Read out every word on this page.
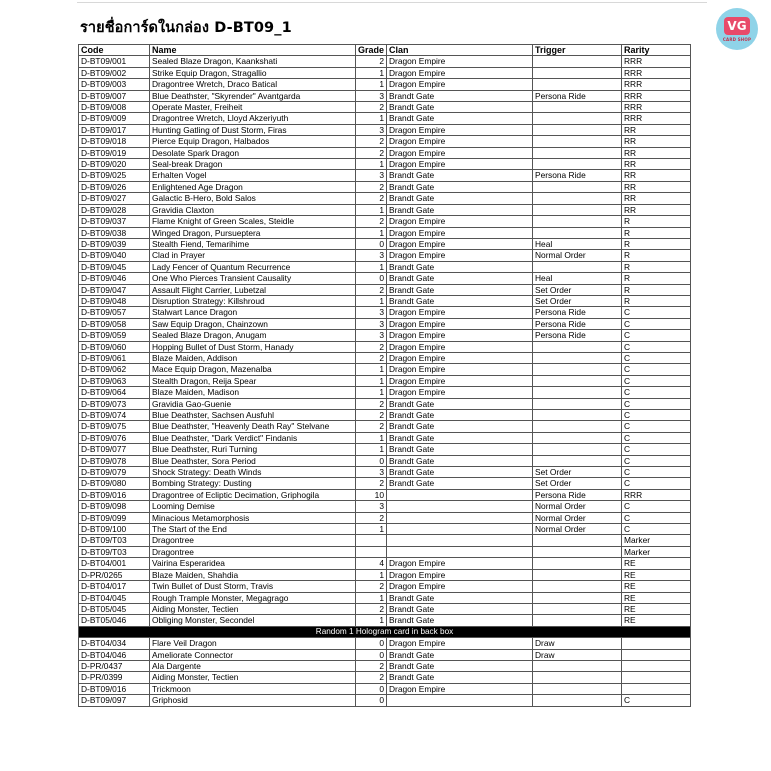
รายชื่อการ์ดในกล่อง D-BT09_1	VG
CARD SHOP
Code	Name	Grade	Clan	Trigger	Rarity
D-BT09/001	Sealed Blaze Dragon, Kaankshati	2	Dragon Empire		RRR
D-BT09/002	Strike Equip Dragon, Stragallio	1	Dragon Empire		RRR
D-BT09/003	Dragontree Wretch, Draco Batical	1	Dragon Empire		RRR
D-BT09/007	Blue Deathster, "Skyrender" Avantgarda	3	Brandt Gate	Persona Ride	RRR
D-BT09/008	Operate Master, Freiheit	2	Brandt Gate		RRR
D-BT09/009	Dragontree Wretch, Lloyd Akzeriyuth	1	Brandt Gate		RRR
D-BT09/017	Hunting Gatling of Dust Storm, Firas	3	Dragon Empire		RR
D-BT09/018	Pierce Equip Dragon, Halbados	2	Dragon Empire		RR
D-BT09/019	Desolate Spark Dragon	2	Dragon Empire		RR
D-BT09/020	Seal-break Dragon	1	Dragon Empire		RR
D-BT09/025	Erhalten Vogel	3	Brandt Gate	Persona Ride	RR
D-BT09/026	Enlightened Age Dragon	2	Brandt Gate		RR
D-BT09/027	Galactic B-Hero, Bold Salos	2	Brandt Gate		RR
D-BT09/028	Gravidia Claxton	1	Brandt Gate		RR
D-BT09/037	Flame Knight of Green Scales, Steidle	2	Dragon Empire		R
D-BT09/038	Winged Dragon, Pursueptera	1	Dragon Empire		R
D-BT09/039	Stealth Fiend, Temarihime	0	Dragon Empire	Heal	R
D-BT09/040	Clad in Prayer	3	Dragon Empire	Normal Order	R
D-BT09/045	Lady Fencer of Quantum Recurrence	1	Brandt Gate		R
D-BT09/046	One Who Pierces Transient Causality	0	Brandt Gate	Heal	R
D-BT09/047	Assault Flight Carrier, Lubetzal	2	Brandt Gate	Set Order	R
D-BT09/048	Disruption Strategy: Killshroud	1	Brandt Gate	Set Order	R
D-BT09/057	Stalwart Lance Dragon	3	Dragon Empire	Persona Ride	C
D-BT09/058	Saw Equip Dragon, Chainzown	3	Dragon Empire	Persona Ride	C
D-BT09/059	Sealed Blaze Dragon, Anugam	3	Dragon Empire	Persona Ride	C
D-BT09/060	Hopping Bullet of Dust Storm, Hanady	2	Dragon Empire		C
D-BT09/061	Blaze Maiden, Addison	2	Dragon Empire		C
D-BT09/062	Mace Equip Dragon, Mazenalba	1	Dragon Empire		C
D-BT09/063	Stealth Dragon, Reija Spear	1	Dragon Empire		C
D-BT09/064	Blaze Maiden, Madison	1	Dragon Empire		C
D-BT09/073	Gravidia Gao-Guenie	2	Brandt Gate		C
D-BT09/074	Blue Deathster, Sachsen Ausfuhl	2	Brandt Gate		C
D-BT09/075	Blue Deathster, "Heavenly Death Ray" Stelvane	2	Brandt Gate		C
D-BT09/076	Blue Deathster, "Dark Verdict" Findanis	1	Brandt Gate		C
D-BT09/077	Blue Deathster, Ruri Turning	1	Brandt Gate		C
D-BT09/078	Blue Deathster, Sora Period	0	Brandt Gate		C
D-BT09/079	Shock Strategy: Death Winds	3	Brandt Gate	Set Order	C
D-BT09/080	Bombing Strategy: Dusting	2	Brandt Gate	Set Order	C
D-BT09/016	Dragontree of Ecliptic Decimation, Griphogila	10		Persona Ride	RRR
D-BT09/098	Looming Demise	3		Normal Order	C
D-BT09/099	Minacious Metamorphosis	2		Normal Order	C
D-BT09/100	The Start of the End	1		Normal Order	C
D-BT09/T03	Dragontree				Marker
D-BT09/T03	Dragontree				Marker
D-BT04/001	Vairina Esperaridea	4	Dragon Empire		RE
D-PR/0265	Blaze Maiden, Shahdia	1	Dragon Empire		RE
D-BT04/017	Twin Bullet of Dust Storm, Travis	2	Dragon Empire		RE
D-BT04/045	Rough Trample Monster, Megagrago	1	Brandt Gate		RE
D-BT05/045	Aiding Monster, Tectien	2	Brandt Gate		RE
D-BT05/046	Obliging Monster, Secondel	1	Brandt Gate		RE
Random 1 Hologram card in back box					
D-BT04/034	Flare Veil Dragon	0	Dragon Empire	Draw	
D-BT04/046	Ameliorate Connector	0	Brandt Gate	Draw	
D-PR/0437	Ala Dargente	2	Brandt Gate		
D-PR/0399	Aiding Monster, Tectien	2	Brandt Gate		
D-BT09/016	Trickmoon	0	Dragon Empire		
D-BT09/097	Griphosid	0			C
